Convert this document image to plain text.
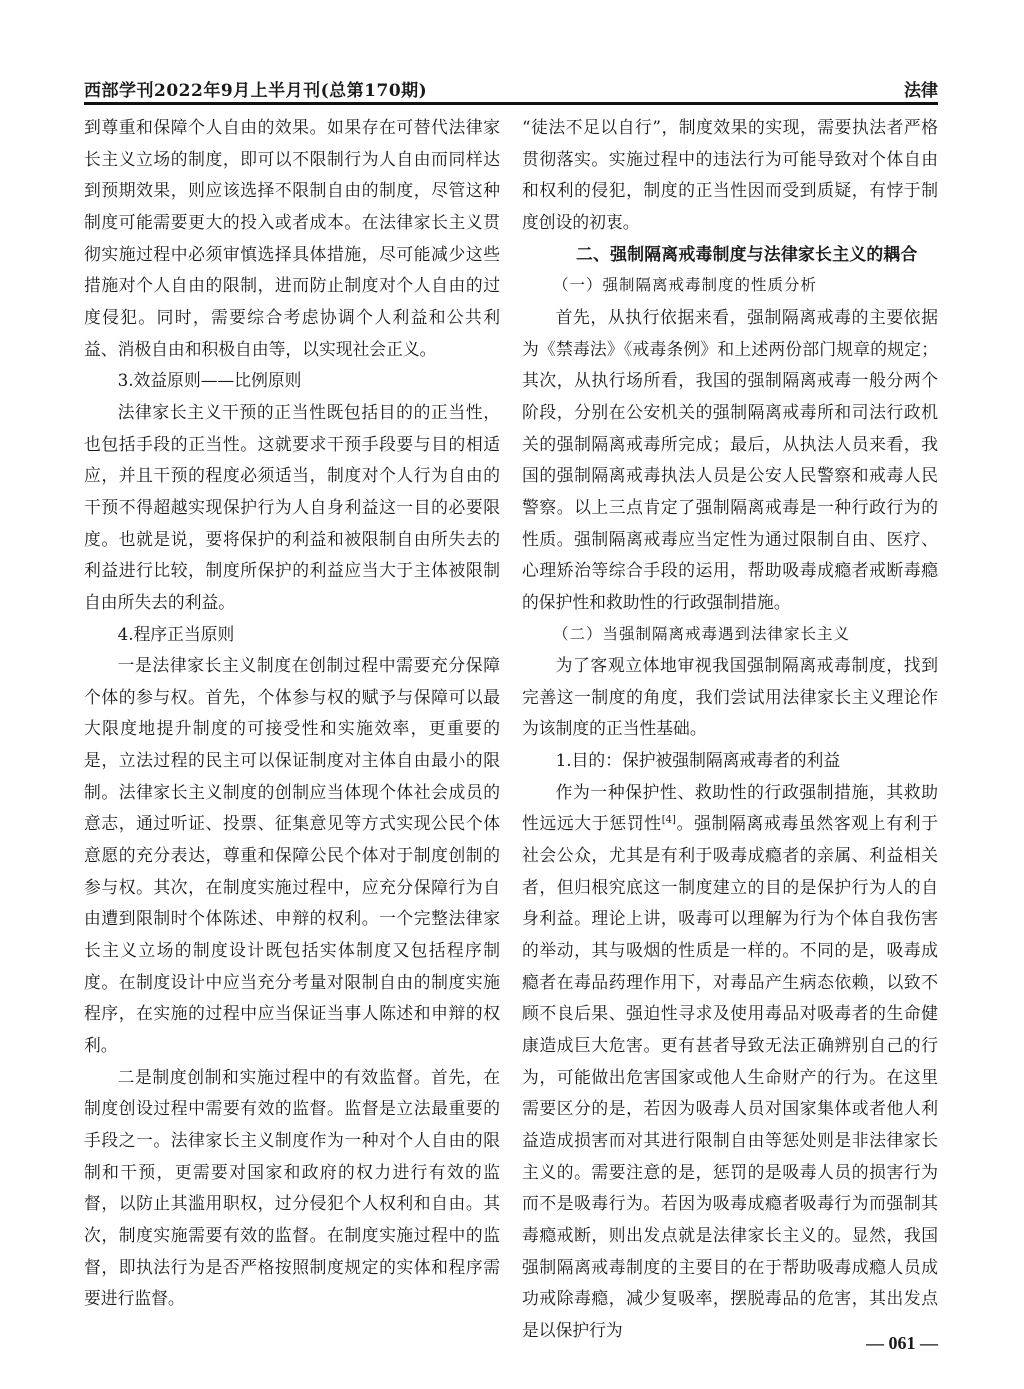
西部学刊2022年9月上半月刊(总第170期)	法律

到尊重和保障个人自由的效果。如果存在可替代法律家长主义立场的制度，即可以不限制行为人自由而同样达到预期效果，则应该选择不限制自由的制度，尽管这种制度可能需要更大的投入或者成本。在法律家长主义贯彻实施过程中必须审慎选择具体措施，尽可能减少这些措施对个人自由的限制，进而防止制度对个人自由的过度侵犯。同时，需要综合考虑协调个人利益和公共利益、消极自由和积极自由等，以实现社会正义。

3.效益原则——比例原则

法律家长主义干预的正当性既包括目的的正当性，也包括手段的正当性。这就要求干预手段要与目的相适应，并且干预的程度必须适当，制度对个人行为自由的干预不得超越实现保护行为人自身利益这一目的必要限度。也就是说，要将保护的利益和被限制自由所失去的利益进行比较，制度所保护的利益应当大于主体被限制自由所失去的利益。

4.程序正当原则

一是法律家长主义制度在创制过程中需要充分保障个体的参与权。首先，个体参与权的赋予与保障可以最大限度地提升制度的可接受性和实施效率，更重要的是，立法过程的民主可以保证制度对主体自由最小的限制。法律家长主义制度的创制应当体现个体社会成员的意志，通过听证、投票、征集意见等方式实现公民个体意愿的充分表达，尊重和保障公民个体对于制度创制的参与权。其次，在制度实施过程中，应充分保障行为自由遭到限制时个体陈述、申辩的权利。一个完整法律家长主义立场的制度设计既包括实体制度又包括程序制度。在制度设计中应当充分考量对限制自由的制度实施程序，在实施的过程中应当保证当事人陈述和申辩的权利。

二是制度创制和实施过程中的有效监督。首先，在制度创设过程中需要有效的监督。监督是立法最重要的手段之一。法律家长主义制度作为一种对个人自由的限制和干预，更需要对国家和政府的权力进行有效的监督，以防止其滥用职权，过分侵犯个人权利和自由。其次，制度实施需要有效的监督。在制度实施过程中的监督，即执法行为是否严格按照制度规定的实体和程序需要进行监督。

“徒法不足以自行”，制度效果的实现，需要执法者严格贯彻落实。实施过程中的违法行为可能导致对个体自由和权利的侵犯，制度的正当性因而受到质疑，有悖于制度创设的初衷。

二、强制隔离戒毒制度与法律家长主义的耦合

（一）强制隔离戒毒制度的性质分析

首先，从执行依据来看，强制隔离戒毒的主要依据为《禁毒法》《戒毒条例》和上述两份部门规章的规定；其次，从执行场所看，我国的强制隔离戒毒一般分两个阶段，分别在公安机关的强制隔离戒毒所和司法行政机关的强制隔离戒毒所完成；最后，从执法人员来看，我国的强制隔离戒毒执法人员是公安人民警察和戒毒人民警察。以上三点肯定了强制隔离戒毒是一种行政行为的性质。强制隔离戒毒应当定性为通过限制自由、医疗、心理矫治等综合手段的运用，帮助吸毒成瘾者戒断毒瘾的保护性和救助性的行政强制措施。

（二）当强制隔离戒毒遇到法律家长主义

为了客观立体地审视我国强制隔离戒毒制度，找到完善这一制度的角度，我们尝试用法律家长主义理论作为该制度的正当性基础。

1.目的：保护被强制隔离戒毒者的利益

作为一种保护性、救助性的行政强制措施，其救助性远远大于惩罚性[4]。强制隔离戒毒虽然客观上有利于社会公众，尤其是有利于吸毒成瘾者的亲属、利益相关者，但归根究底这一制度建立的目的是保护行为人的自身利益。理论上讲，吸毒可以理解为行为个体自我伤害的举动，其与吸烟的性质是一样的。不同的是，吸毒成瘾者在毒品药理作用下，对毒品产生病态依赖，以致不顾不良后果、强迫性寻求及使用毒品对吸毒者的生命健康造成巨大危害。更有甚者导致无法正确辨别自己的行为，可能做出危害国家或他人生命财产的行为。在这里需要区分的是，若因为吸毒人员对国家集体或者他人利益造成损害而对其进行限制自由等惩处则是非法律家长主义的。需要注意的是，惩罚的是吸毒人员的损害行为而不是吸毒行为。若因为吸毒成瘾者吸毒行为而强制其毒瘾戒断，则出发点就是法律家长主义的。显然，我国强制隔离戒毒制度的主要目的在于帮助吸毒成瘾人员成功戒除毒瘾，减少复吸率，摆脱毒品的危害，其出发点是以保护行为

— 061 —
